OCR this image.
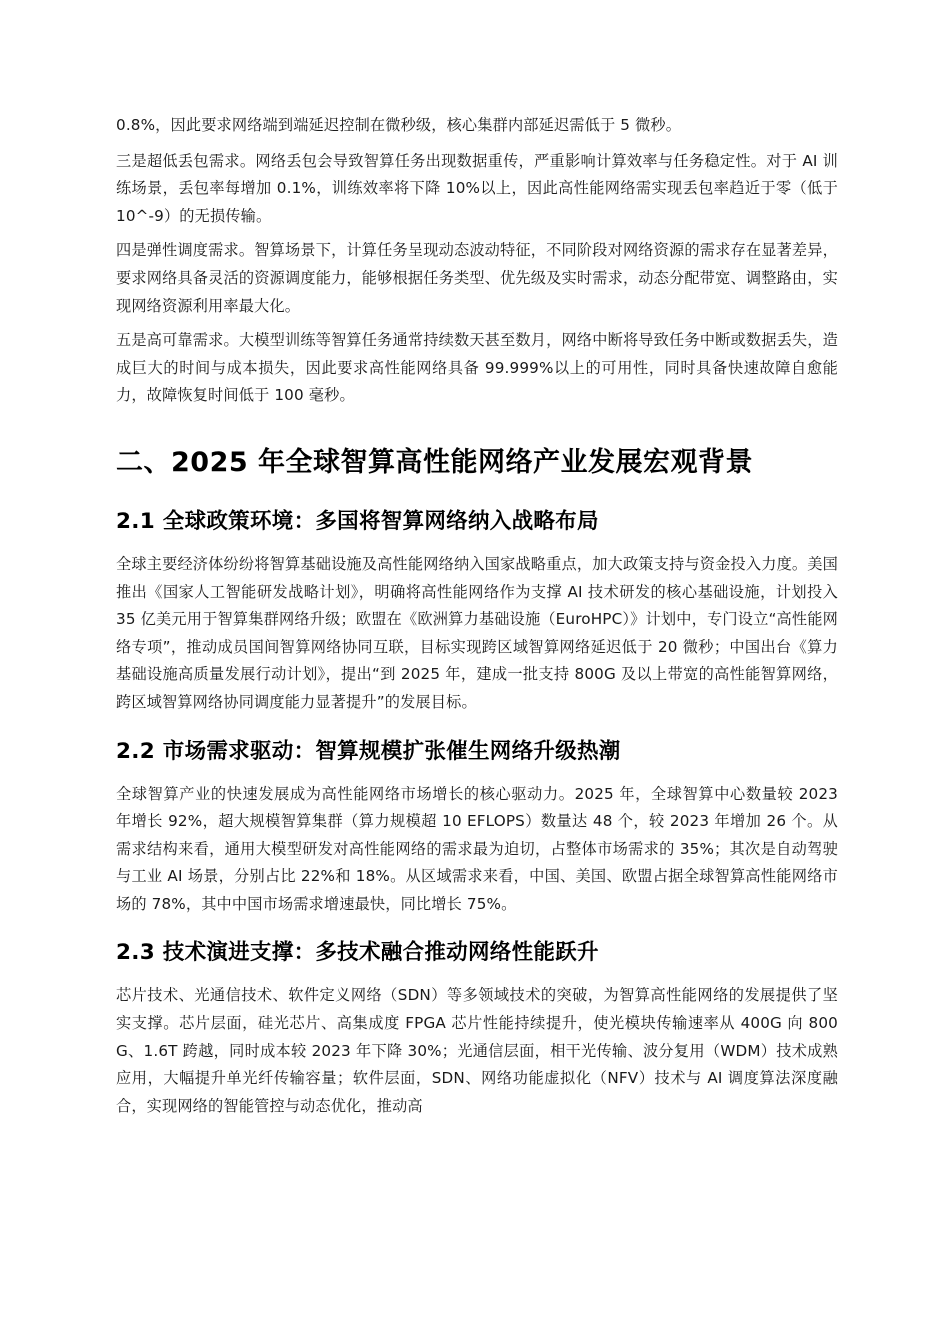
0.8%，因此要求网络端到端延迟控制在微秒级，核心集群内部延迟需低于 5 微秒。

三是超低丢包需求。网络丢包会导致智算任务出现数据重传，严重影响计算效率与任务稳定性。对于 AI 训练场景，丢包率每增加 0.1%，训练效率将下降 10%以上，因此高性能网络需实现丢包率趋近于零（低于 10^-9）的无损传输。

四是弹性调度需求。智算场景下，计算任务呈现动态波动特征，不同阶段对网络资源的需求存在显著差异，要求网络具备灵活的资源调度能力，能够根据任务类型、优先级及实时需求，动态分配带宽、调整路由，实现网络资源利用率最大化。

五是高可靠需求。大模型训练等智算任务通常持续数天甚至数月，网络中断将导致任务中断或数据丢失，造成巨大的时间与成本损失，因此要求高性能网络具备 99.999%以上的可用性，同时具备快速故障自愈能力，故障恢复时间低于 100 毫秒。

二、2025 年全球智算高性能网络产业发展宏观背景
2.1 全球政策环境：多国将智算网络纳入战略布局

全球主要经济体纷纷将智算基础设施及高性能网络纳入国家战略重点，加大政策支持与资金投入力度。美国推出《国家人工智能研发战略计划》，明确将高性能网络作为支撑 AI 技术研发的核心基础设施，计划投入 35 亿美元用于智算集群网络升级；欧盟在《欧洲算力基础设施（EuroHPC）》计划中，专门设立“高性能网络专项”，推动成员国间智算网络协同互联，目标实现跨区域智算网络延迟低于 20 微秒；中国出台《算力基础设施高质量发展行动计划》，提出“到 2025 年，建成一批支持 800G 及以上带宽的高性能智算网络，跨区域智算网络协同调度能力显著提升”的发展目标。

2.2 市场需求驱动：智算规模扩张催生网络升级热潮

全球智算产业的快速发展成为高性能网络市场增长的核心驱动力。2025 年，全球智算中心数量较 2023 年增长 92%，超大规模智算集群（算力规模超 10 EFLOPS）数量达 48 个，较 2023 年增加 26 个。从需求结构来看，通用大模型研发对高性能网络的需求最为迫切，占整体市场需求的 35%；其次是自动驾驶与工业 AI 场景，分别占比 22%和 18%。从区域需求来看，中国、美国、欧盟占据全球智算高性能网络市场的 78%，其中中国市场需求增速最快，同比增长 75%。

2.3 技术演进支撑：多技术融合推动网络性能跃升

芯片技术、光通信技术、软件定义网络（SDN）等多领域技术的突破，为智算高性能网络的发展提供了坚实支撑。芯片层面，硅光芯片、高集成度 FPGA 芯片性能持续提升，使光模块传输速率从 400G 向 800G、1.6T 跨越，同时成本较 2023 年下降 30%；光通信层面，相干光传输、波分复用（WDM）技术成熟应用，大幅提升单光纤传输容量；软件层面，SDN、网络功能虚拟化（NFV）技术与 AI 调度算法深度融合，实现网络的智能管控与动态优化，推动高
